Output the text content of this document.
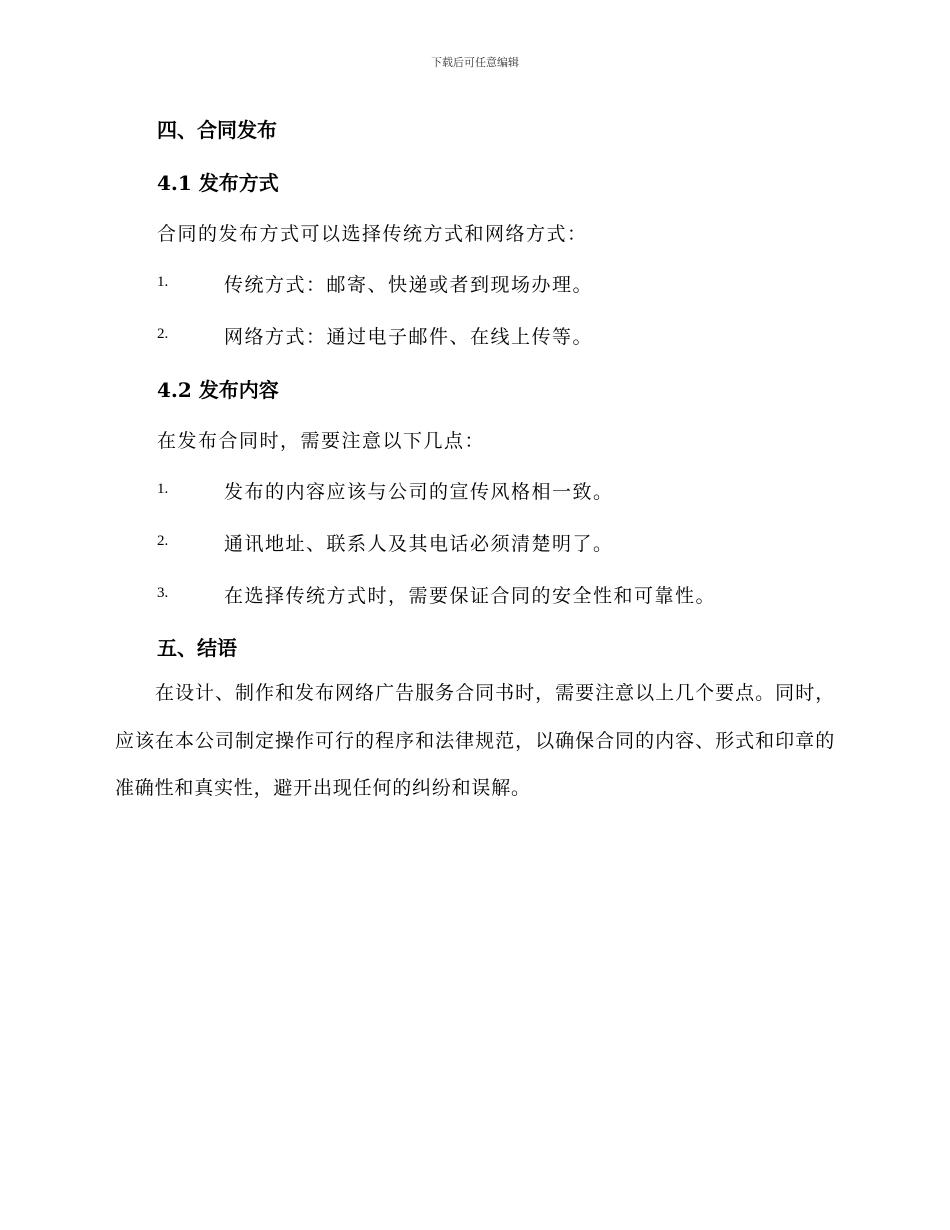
下载后可任意编辑
四、合同发布
4.1 发布方式
合同的发布方式可以选择传统方式和网络方式：
1.	传统方式：邮寄、快递或者到现场办理。
2.	网络方式：通过电子邮件、在线上传等。
4.2 发布内容
在发布合同时，需要注意以下几点：
1.	发布的内容应该与公司的宣传风格相一致。
2.	通讯地址、联系人及其电话必须清楚明了。
3.	在选择传统方式时，需要保证合同的安全性和可靠性。
五、结语
在设计、制作和发布网络广告服务合同书时，需要注意以上几个要点。同时，应该在本公司制定操作可行的程序和法律规范，以确保合同的内容、形式和印章的准确性和真实性，避开出现任何的纠纷和误解。
